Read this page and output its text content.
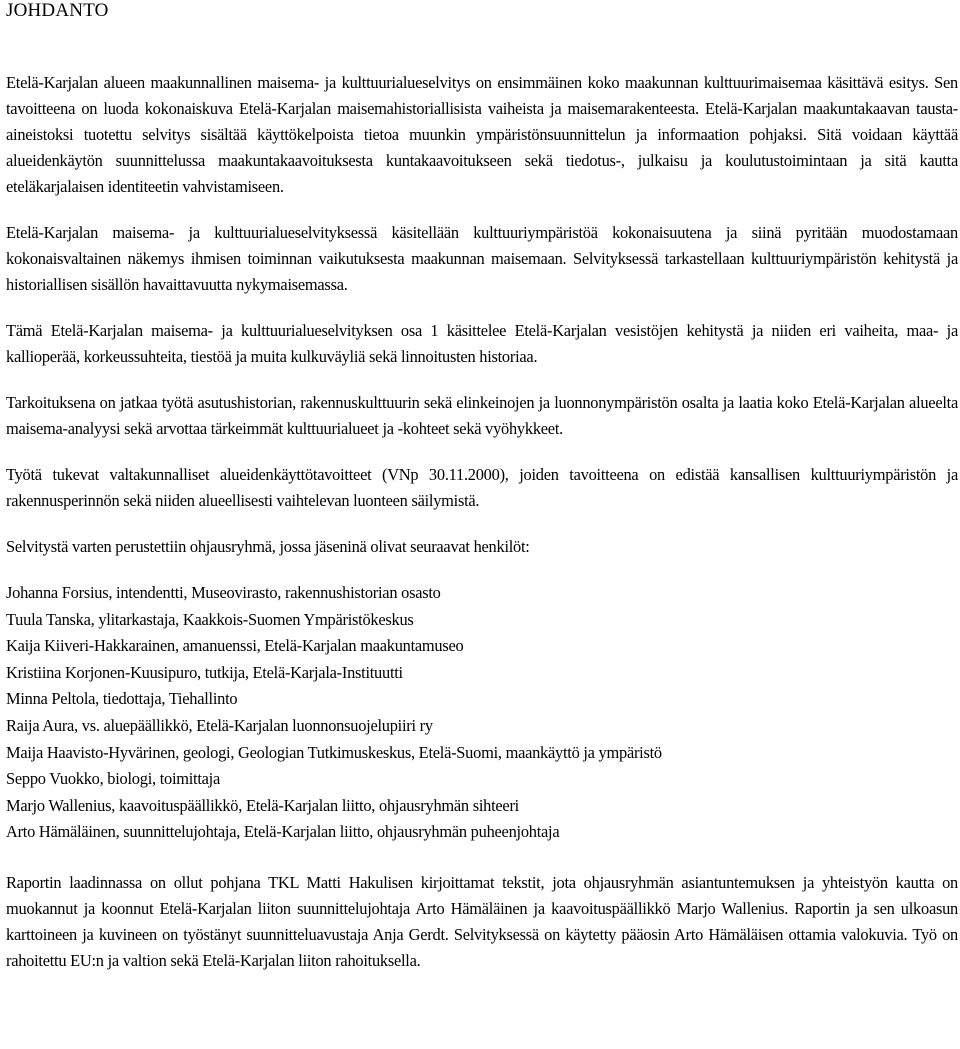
JOHDANTO

Etelä-Karjalan alueen maakunnallinen maisema- ja kulttuurialueselvitys on ensimmäinen koko maakunnan kulttuurimaisemaa käsittävä esitys. Sen tavoitteena on luoda kokonaiskuva Etelä-Karjalan maisemahistoriallisista vaiheista ja maisemarakenteesta. Etelä-Karjalan maakuntakaavan tausta-aineistoksi tuotettu selvitys sisältää käyttökelpoista tietoa muunkin ympäristönsuunnittelun ja informaation pohjaksi. Sitä voidaan käyttää alueidenkäytön suunnittelussa maakuntakaavoituksesta kuntakaavoitukseen sekä tiedotus-, julkaisu ja koulutustoimintaan ja sitä kautta eteläkarjalaisen identiteetin vahvistamiseen.

Etelä-Karjalan maisema- ja kulttuurialueselvityksessä käsitellään kulttuuriympäristöä kokonaisuutena ja siinä pyritään muodostamaan kokonaisvaltainen näkemys ihmisen toiminnan vaikutuksesta maakunnan maisemaan. Selvityksessä tarkastellaan kulttuuriympäristön kehitystä ja historiallisen sisällön havaittavuutta nykymaisemassa.

Tämä Etelä-Karjalan maisema- ja kulttuurialueselvityksen osa 1 käsittelee Etelä-Karjalan vesistöjen kehitystä ja niiden eri vaiheita, maa- ja kallioperää, korkeussuhteita, tiestöä ja muita kulkuväyliä sekä linnoitusten historiaa.

Tarkoituksena on jatkaa työtä asutushistorian, rakennuskulttuurin sekä elinkeinojen ja luonnonympäristön osalta ja laatia koko Etelä-Karjalan alueelta maisema-analyysi sekä arvottaa tärkeimmät kulttuurialueet ja -kohteet sekä vyöhykkeet.

Työtä tukevat valtakunnalliset alueidenkäyttötavoitteet (VNp 30.11.2000), joiden tavoitteena on edistää kansallisen kulttuuriympäristön ja rakennusperinnön sekä niiden alueellisesti vaihtelevan luonteen säilymistä.

Selvitystä varten perustettiin ohjausryhmä, jossa jäseninä olivat seuraavat henkilöt:

Johanna Forsius, intendentti, Museovirasto, rakennushistorian osasto
Tuula Tanska, ylitarkastaja, Kaakkois-Suomen Ympäristökeskus
Kaija Kiiveri-Hakkarainen, amanuenssi, Etelä-Karjalan maakuntamuseo
Kristiina Korjonen-Kuusipuro, tutkija, Etelä-Karjala-Instituutti
Minna Peltola, tiedottaja, Tiehallinto
Raija Aura, vs. aluepäällikkö, Etelä-Karjalan luonnonsuojelupiiri ry
Maija Haavisto-Hyvärinen, geologi, Geologian Tutkimuskeskus, Etelä-Suomi, maankäyttö ja ympäristö
Seppo Vuokko, biologi, toimittaja
Marjo Wallenius, kaavoituspäällikkö, Etelä-Karjalan liitto, ohjausryhmän sihteeri
Arto Hämäläinen, suunnittelujohtaja, Etelä-Karjalan liitto, ohjausryhmän puheenjohtaja

Raportin laadinnassa on ollut pohjana TKL Matti Hakulisen kirjoittamat tekstit, jota ohjausryhmän asiantuntemuksen ja yhteistyön kautta on muokannut ja koonnut Etelä-Karjalan liiton suunnittelujohtaja Arto Hämäläinen ja kaavoituspäällikkö Marjo Wallenius. Raportin ja sen ulkoasun karttoineen ja kuvineen on työstänyt suunnitteluavustaja Anja Gerdt. Selvityksessä on käytetty pääosin Arto Hämäläisen ottamia valokuvia. Työ on rahoitettu EU:n ja valtion sekä Etelä-Karjalan liiton rahoituksella.
